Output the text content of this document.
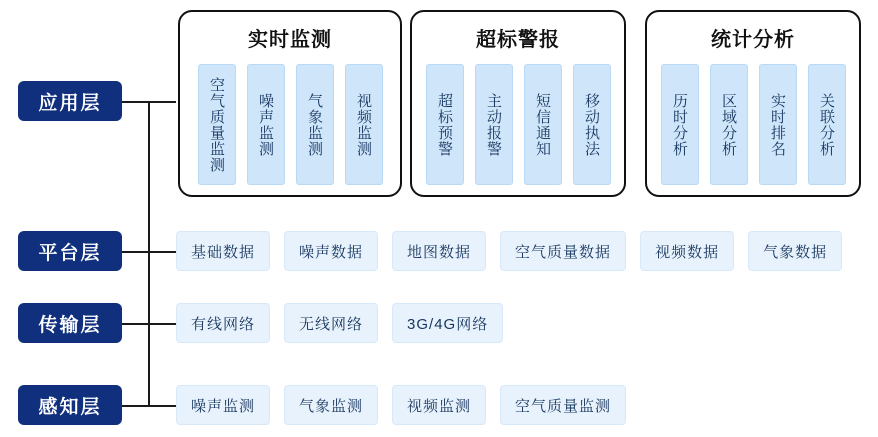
应用层
平台层
传输层
感知层
实时监测
空气质量监测 噪声监测 气象监测 视频监测
超标警报
超标预警 主动报警 短信通知 移动执法
统计分析
历时分析 区域分析 实时排名 关联分析
基础数据	噪声数据	地图数据	空气质量数据	视频数据	气象数据
有线网络	无线网络	3G/4G网络
噪声监测	气象监测	视频监测	空气质量监测
